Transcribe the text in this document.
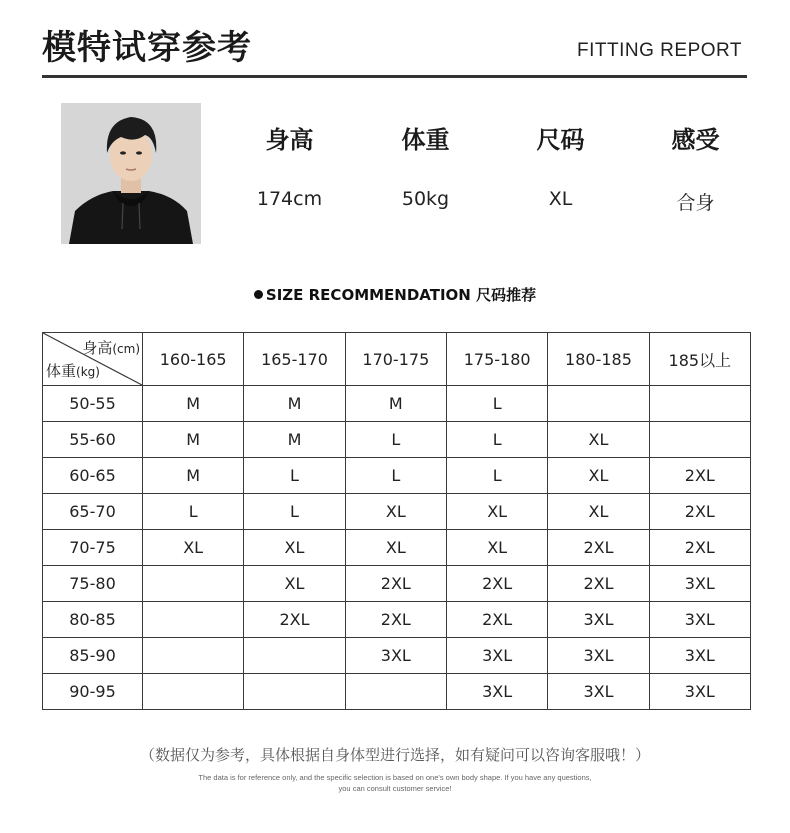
模特试穿参考	FITTING REPORT
身高
174cm
体重
50kg
尺码
XL
感受
合身
SIZE RECOMMENDATION 尺码推荐
身高(cm)
体重(kg)	160-165	165-170	170-175	175-180	180-185	185以上
50-55	M	M	M	L		
55-60	M	M	L	L	XL	
60-65	M	L	L	L	XL	2XL
65-70	L	L	XL	XL	XL	2XL
70-75	XL	XL	XL	XL	2XL	2XL
75-80		XL	2XL	2XL	2XL	3XL
80-85		2XL	2XL	2XL	3XL	3XL
85-90			3XL	3XL	3XL	3XL
90-95				3XL	3XL	3XL
（数据仅为参考，具体根据自身体型进行选择，如有疑问可以咨询客服哦！）
The data is for reference only, and the specific selection is based on one's own body shape. If you have any questions,
you can consult customer service!
